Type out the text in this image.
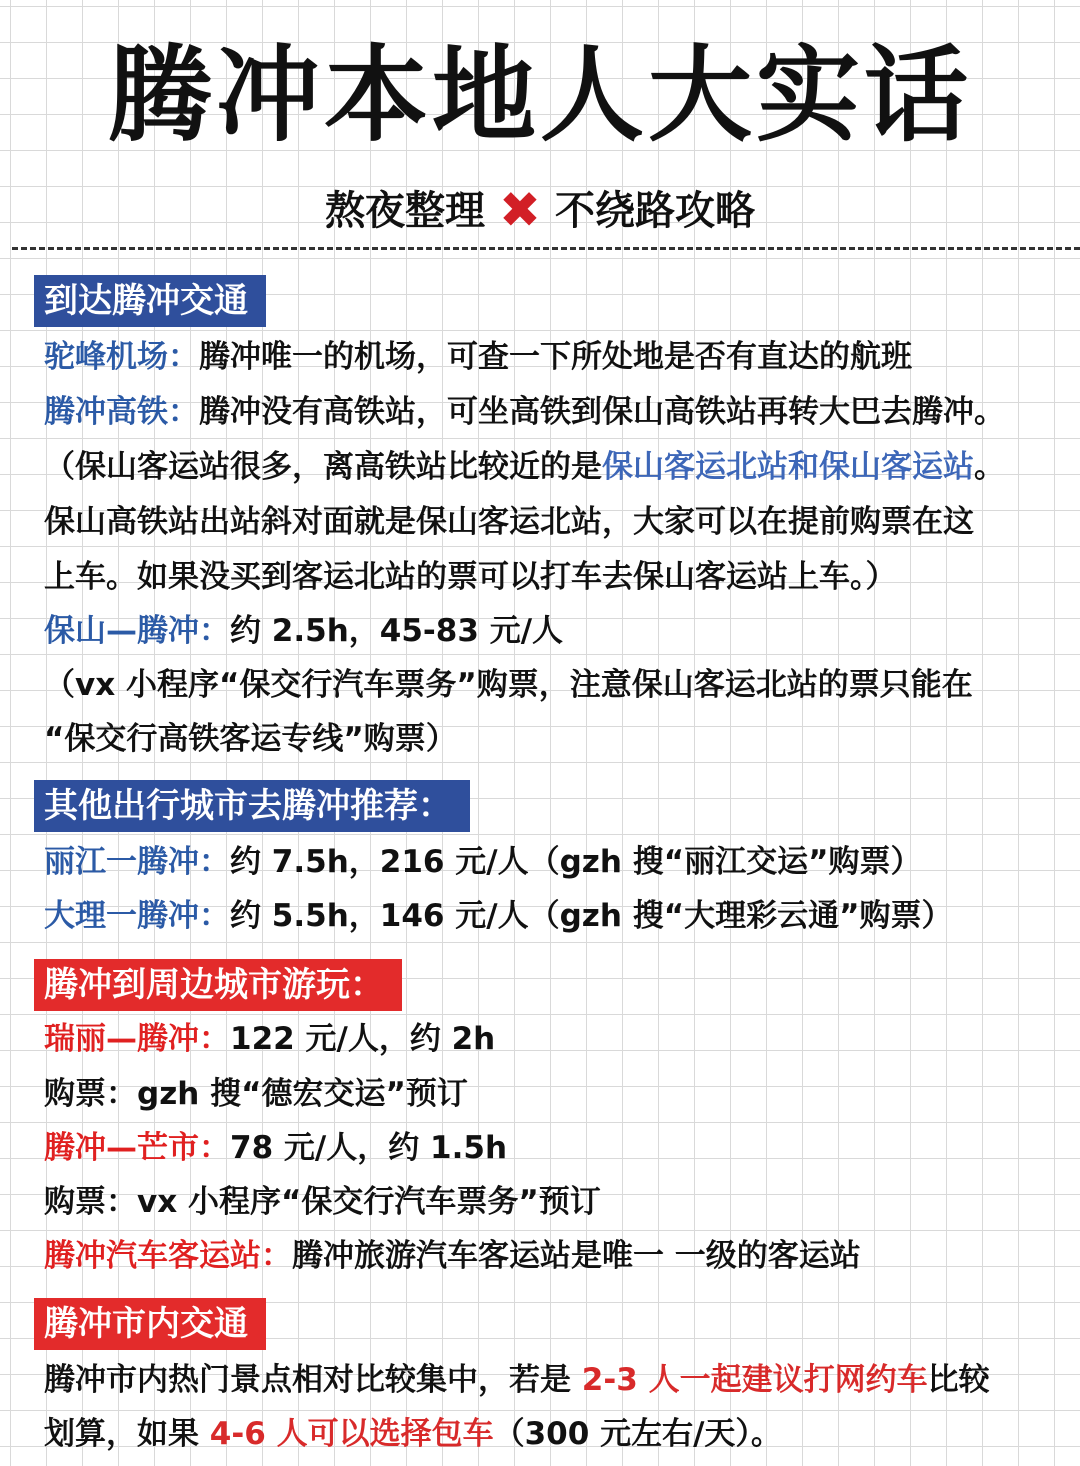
腾冲本地人大实话
熬夜整理 ✖ 不绕路攻略
到达腾冲交通
驼峰机场：腾冲唯一的机场，可查一下所处地是否有直达的航班
腾冲高铁：腾冲没有高铁站，可坐高铁到保山高铁站再转大巴去腾冲。
（保山客运站很多，离高铁站比较近的是保山客运北站和保山客运站。
保山高铁站出站斜对面就是保山客运北站，大家可以在提前购票在这
上车。如果没买到客运北站的票可以打车去保山客运站上车。）
保山—腾冲：约 2.5h，45-83 元/人
（vx 小程序“保交行汽车票务”购票，注意保山客运北站的票只能在
“保交行高铁客运专线”购票）
其他出行城市去腾冲推荐：
丽江一腾冲：约 7.5h，216 元/人（gzh 搜“丽江交运”购票）
大理一腾冲：约 5.5h，146 元/人（gzh 搜“大理彩云通”购票）
腾冲到周边城市游玩：
瑞丽—腾冲：122 元/人，约 2h
购票：gzh 搜“德宏交运”预订
腾冲—芒市：78 元/人，约 1.5h
购票：vx 小程序“保交行汽车票务”预订
腾冲汽车客运站：腾冲旅游汽车客运站是唯一 一级的客运站
腾冲市内交通
腾冲市内热门景点相对比较集中，若是 2-3 人一起建议打网约车比较
划算，如果 4-6 人可以选择包车（300 元左右/天）。
